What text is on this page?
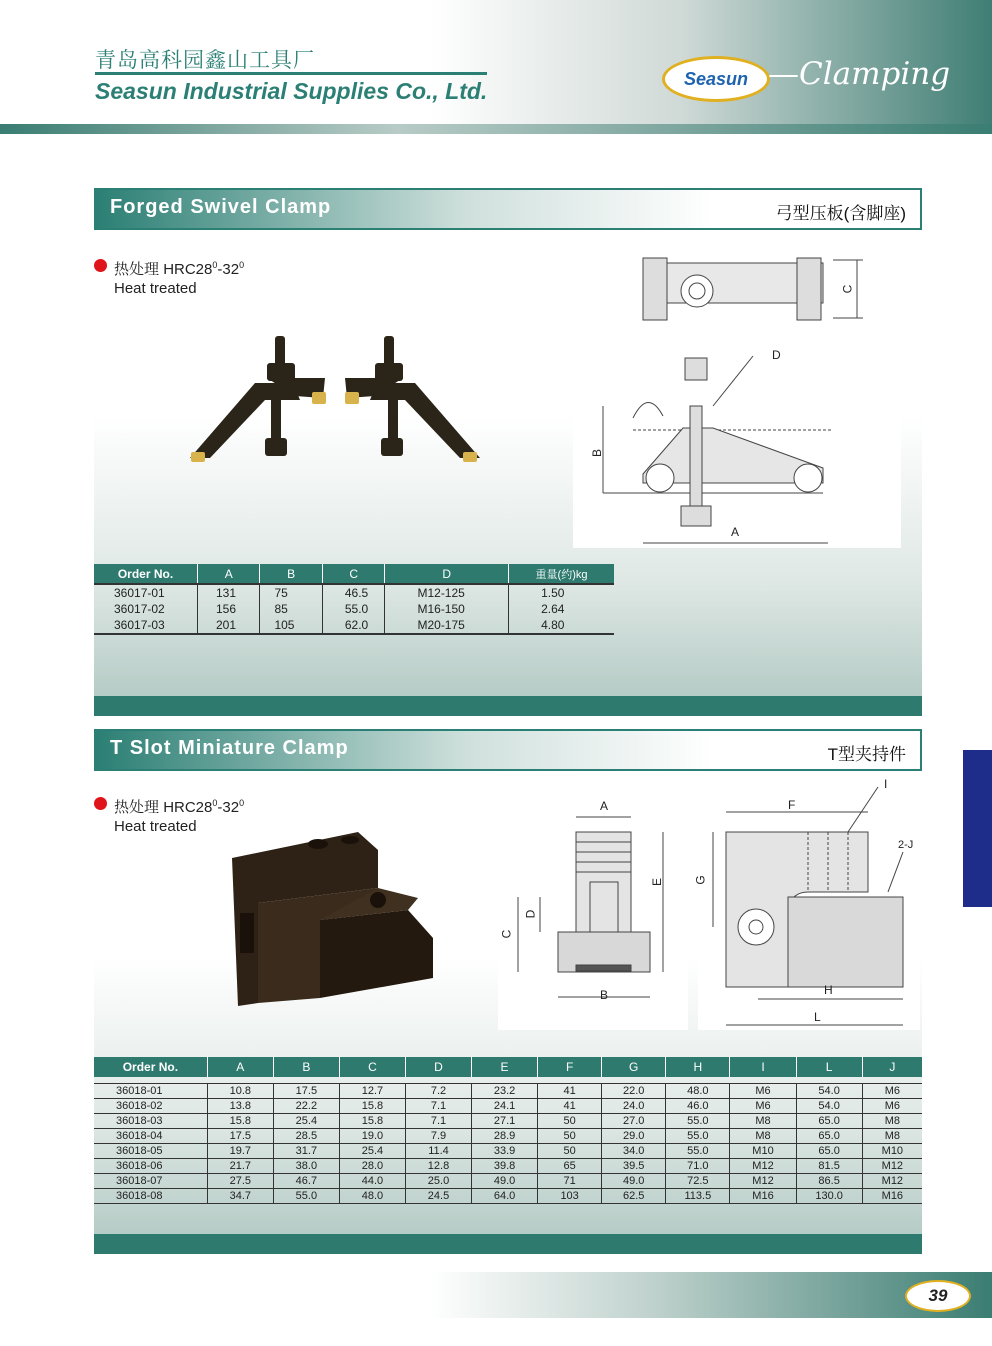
青岛高科园鑫山工具厂
Seasun Industrial Supplies Co., Ltd.	Seasun —Clamping
Forged Swivel Clamp	弓型压板(含脚座)
热处理 $HRC28^0-32^0$
Heat treated
D
C
B
A
Order No.	A	B	C	D	重量(约)kg
36017-01	131	75	46.5	M12-125	1.50
36017-02	156	85	55.0	M16-150	2.64
36017-03	201	105	62.0	M20-175	4.80
T Slot Miniature Clamp	T型夹持件
热处理 $HRC28^0-32^0$
Heat treated
A
B
C
D
E
F
G
H
I
L
2-J
Order No.	A	B	C	D	E	F	G	H	I	L	J

36018-01	10.8	17.5	12.7	7.2	23.2	41	22.0	48.0	M6	54.0	M6
36018-02	13.8	22.2	15.8	7.1	24.1	41	24.0	46.0	M6	54.0	M6
36018-03	15.8	25.4	15.8	7.1	27.1	50	27.0	55.0	M8	65.0	M8
36018-04	17.5	28.5	19.0	7.9	28.9	50	29.0	55.0	M8	65.0	M8
36018-05	19.7	31.7	25.4	11.4	33.9	50	34.0	55.0	M10	65.0	M10
36018-06	21.7	38.0	28.0	12.8	39.8	65	39.5	71.0	M12	81.5	M12
36018-07	27.5	46.7	44.0	25.0	49.0	71	49.0	72.5	M12	86.5	M12
36018-08	34.7	55.0	48.0	24.5	64.0	103	62.5	113.5	M16	130.0	M16
39
